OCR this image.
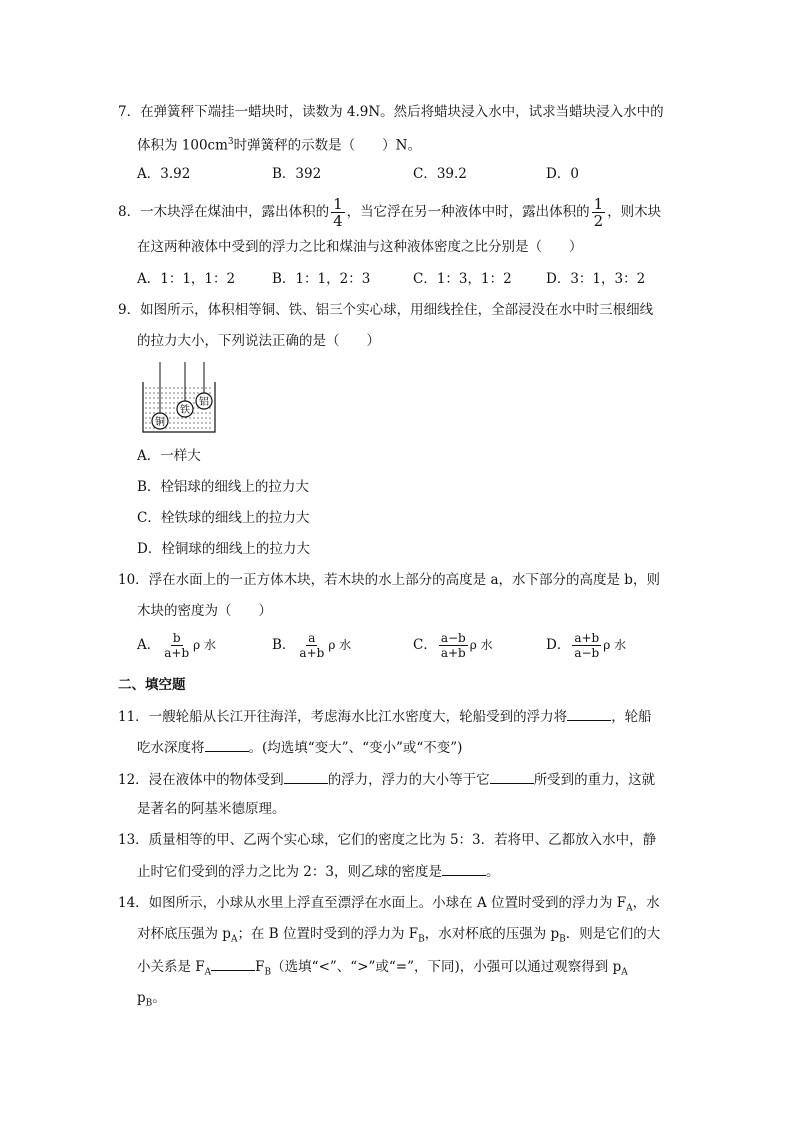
7．在弹簧秤下端挂一蜡块时，读数为 4.9N。然后将蜡块浸入水中，试求当蜡块浸入水中的
体积为 $100cm^3$时弹簧秤的示数是（　　）N。
A．3.92	B．392	C．39.2	D．0
8．一木块浮在煤油中，露出体积的 $\frac{1}{4}$ ，当它浮在另一种液体中时，露出体积的 $\frac{1}{2}$ ，则木块
在这两种液体中受到的浮力之比和煤油与这种液体密度之比分别是（　　）
A．1：1，1：2	B．1：1，2：3	C．1：3，1：2	D．3：1，3：2
9．如图所示，体积相等铜、铁、铝三个实心球，用细线拴住，全部浸没在水中时三根细线
的拉力大小，下列说法正确的是（　　）
铜
铁
铝
A．一样大
B．栓铝球的细线上的拉力大
C．栓铁球的细线上的拉力大
D．栓铜球的细线上的拉力大
10．浮在水面上的一正方体木块，若木块的水上部分的高度是 a，水下部分的高度是 b，则
木块的密度为（　　）
A． $\frac{b}{a+b}$ ρ 水	B． $\frac{a}{a+b}$ ρ 水	C． $\frac{a-b}{a+b}$ ρ 水	D． $\frac{a+b}{a-b}$ ρ 水
二、填空题
11．一艘轮船从长江开往海洋，考虑海水比江水密度大，轮船受到的浮力将	，轮船
吃水深度将	。(均选填“变大”、“变小”或“不变”)
12．浸在液体中的物体受到	的浮力，浮力的大小等于它	所受到的重力，这就
是著名的阿基米德原理。
13．质量相等的甲、乙两个实心球，它们的密度之比为 5：3．若将甲、乙都放入水中，静
止时它们受到的浮力之比为 2：3，则乙球的密度是	。
14．如图所示，小球从水里上浮直至漂浮在水面上。小球在 A 位置时受到的浮力为 $F_A$，水
对杯底压强为 $p_A$；在 B 位置时受到的浮力为 $F_B$，水对杯底的压强为 $p_B$．则是它们的大
小关系是 $F_A$	$F_B$（选填“<”、“>”或“=”，下同)，小强可以通过观察得到 $p_A$
$p_B$。
